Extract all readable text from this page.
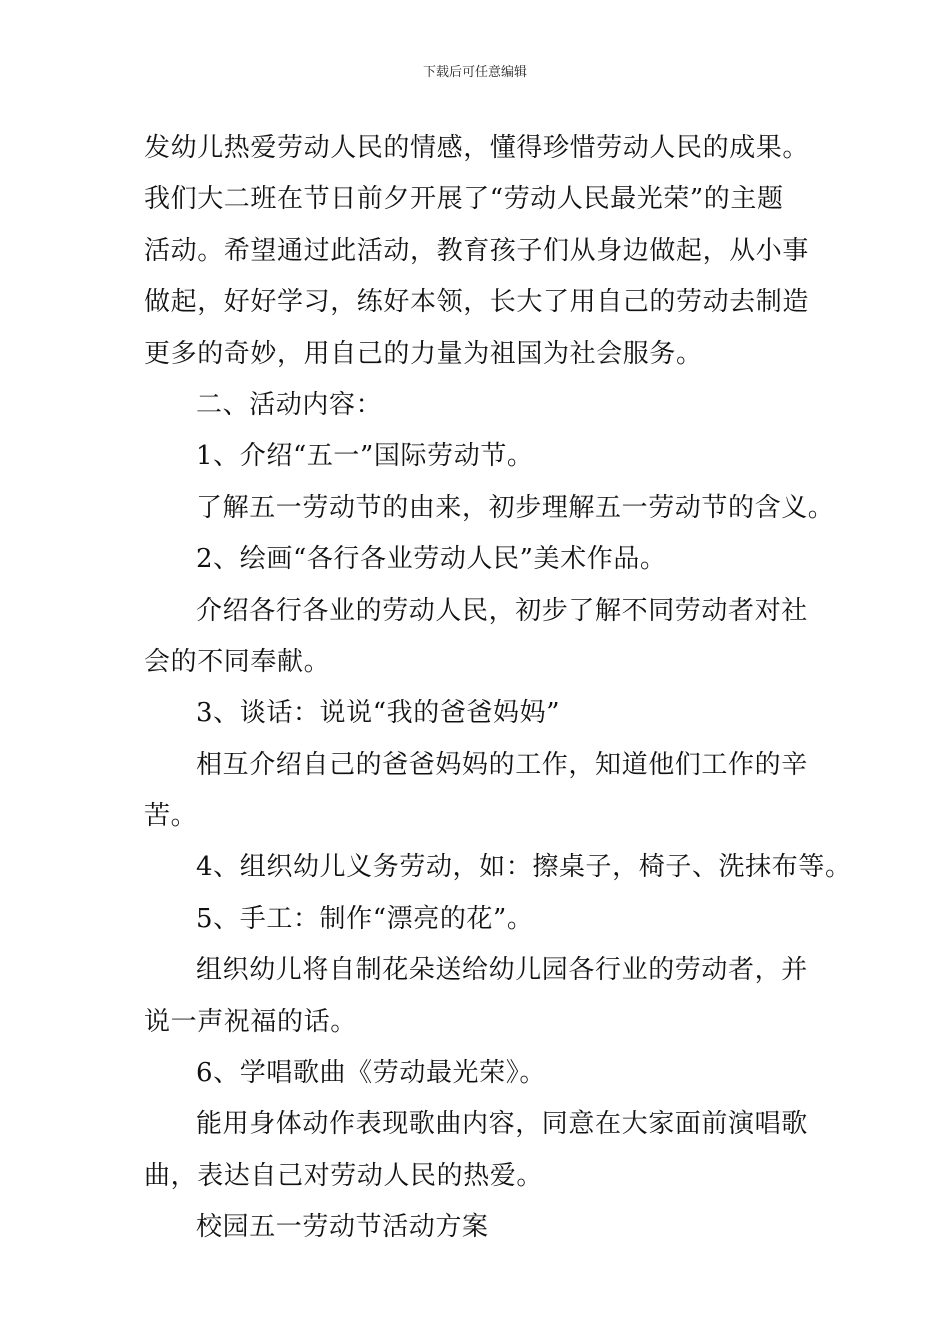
下载后可任意编辑
发幼儿热爱劳动人民的情感，懂得珍惜劳动人民的成果。
我们大二班在节日前夕开展了“劳动人民最光荣”的主题
活动。希望通过此活动，教育孩子们从身边做起，从小事
做起，好好学习，练好本领，长大了用自己的劳动去制造
更多的奇妙，用自己的力量为祖国为社会服务。
二、活动内容：
1、介绍“五一”国际劳动节。
了解五一劳动节的由来，初步理解五一劳动节的含义。
2、绘画“各行各业劳动人民”美术作品。
介绍各行各业的劳动人民，初步了解不同劳动者对社
会的不同奉献。
3、谈话：说说“我的爸爸妈妈”
相互介绍自己的爸爸妈妈的工作，知道他们工作的辛
苦。
4、组织幼儿义务劳动，如：擦桌子，椅子、洗抹布等。
5、手工：制作“漂亮的花”。
组织幼儿将自制花朵送给幼儿园各行业的劳动者，并
说一声祝福的话。
6、学唱歌曲《劳动最光荣》。
能用身体动作表现歌曲内容，同意在大家面前演唱歌
曲，表达自己对劳动人民的热爱。
校园五一劳动节活动方案
